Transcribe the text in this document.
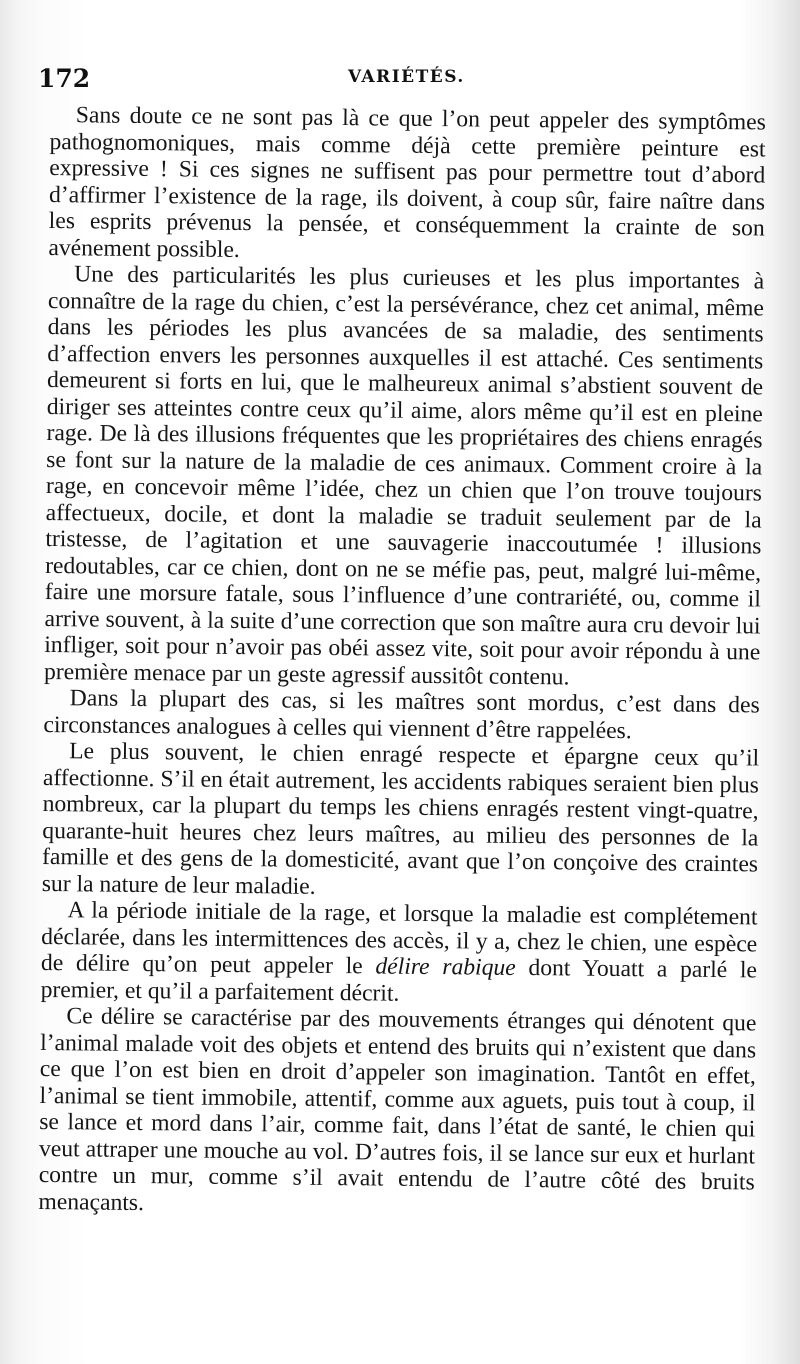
172	VARIÉTÉS.

Sans doute ce ne sont pas là ce que l’on peut appeler des symptômes pathognomoniques, mais comme déjà cette première peinture est expressive ! Si ces signes ne suffisent pas pour permettre tout d’abord d’affirmer l’existence de la rage, ils doivent, à coup sûr, faire naître dans les esprits prévenus la pensée, et conséquemment la crainte de son avénement possible.

Une des particularités les plus curieuses et les plus importantes à connaître de la rage du chien, c’est la persévérance, chez cet animal, même dans les périodes les plus avancées de sa maladie, des sentiments d’affection envers les personnes auxquelles il est attaché. Ces sentiments demeurent si forts en lui, que le malheureux animal s’abstient souvent de diriger ses atteintes contre ceux qu’il aime, alors même qu’il est en pleine rage. De là des illusions fréquentes que les propriétaires des chiens enragés se font sur la nature de la maladie de ces animaux. Comment croire à la rage, en concevoir même l’idée, chez un chien que l’on trouve toujours affectueux, docile, et dont la maladie se traduit seulement par de la tristesse, de l’agitation et une sauvagerie inaccoutumée ! illusions redoutables, car ce chien, dont on ne se méfie pas, peut, malgré lui-même, faire une morsure fatale, sous l’influence d’une contrariété, ou, comme il arrive souvent, à la suite d’une correction que son maître aura cru devoir lui infliger, soit pour n’avoir pas obéi assez vite, soit pour avoir répondu à une première menace par un geste agressif aussitôt contenu.

Dans la plupart des cas, si les maîtres sont mordus, c’est dans des circonstances analogues à celles qui viennent d’être rappelées.

Le plus souvent, le chien enragé respecte et épargne ceux qu’il affectionne. S’il en était autrement, les accidents rabiques seraient bien plus nombreux, car la plupart du temps les chiens enragés restent vingt-quatre, quarante-huit heures chez leurs maîtres, au milieu des personnes de la famille et des gens de la domesticité, avant que l’on conçoive des craintes sur la nature de leur maladie.

A la période initiale de la rage, et lorsque la maladie est complétement déclarée, dans les intermittences des accès, il y a, chez le chien, une espèce de délire qu’on peut appeler le délire rabique dont Youatt a parlé le premier, et qu’il a parfaitement décrit.

Ce délire se caractérise par des mouvements étranges qui dénotent que l’animal malade voit des objets et entend des bruits qui n’existent que dans ce que l’on est bien en droit d’appeler son imagination. Tantôt en effet, l’animal se tient immobile, attentif, comme aux aguets, puis tout à coup, il se lance et mord dans l’air, comme fait, dans l’état de santé, le chien qui veut attraper une mouche au vol. D’autres fois, il se lance sur eux et hurlant contre un mur, comme s’il avait entendu de l’autre côté des bruits menaçants.
